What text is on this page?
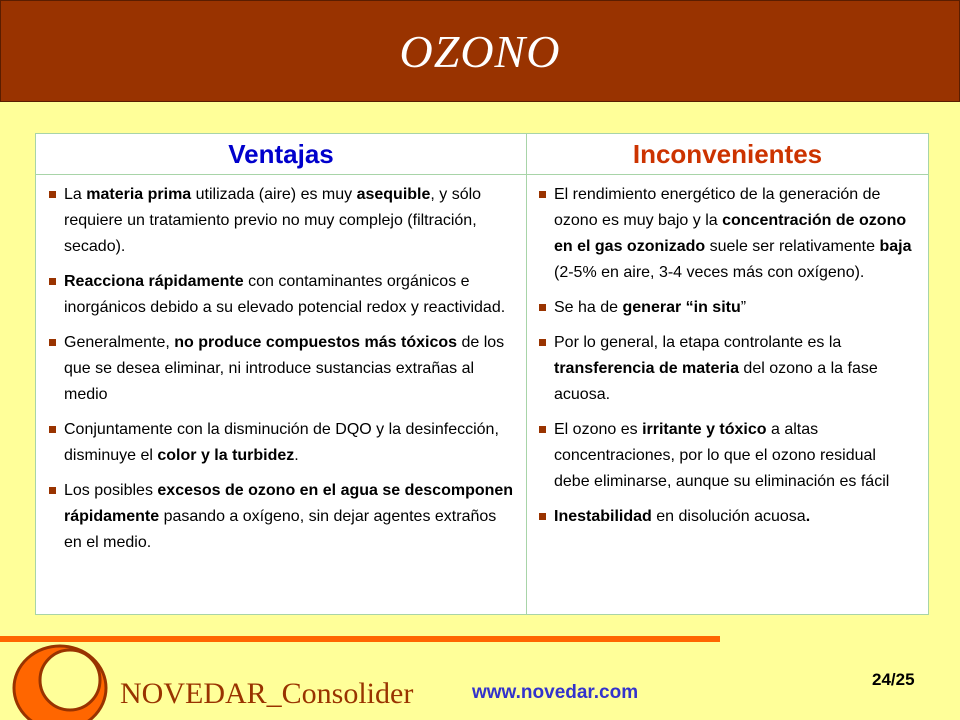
OZONO
Ventajas	Inconvenientes
La materia prima utilizada (aire) es muy asequible, y sólo requiere un tratamiento previo no muy complejo (filtración, secado).
Reacciona rápidamente con contaminantes orgánicos e inorgánicos debido a su elevado potencial redox y reactividad.
Generalmente, no produce compuestos más tóxicos de los que se desea eliminar, ni introduce sustancias extrañas al medio
Conjuntamente con la disminución de DQO y la desinfección, disminuye el color y la turbidez.
Los posibles excesos de ozono en el agua se descomponen rápidamente pasando a oxígeno, sin dejar agentes extraños en el medio.
El rendimiento energético de la generación de ozono es muy bajo y la concentración de ozono en el gas ozonizado suele ser relativamente baja (2-5% en aire, 3-4 veces más con oxígeno).
Se ha de generar “in situ”
Por lo general, la etapa controlante es la transferencia de materia del ozono a la fase acuosa.
El ozono es irritante y tóxico a altas concentraciones, por lo que el ozono residual debe eliminarse, aunque su eliminación es fácil
Inestabilidad en disolución acuosa.
NOVEDAR_Consolider	www.novedar.com
24/25
